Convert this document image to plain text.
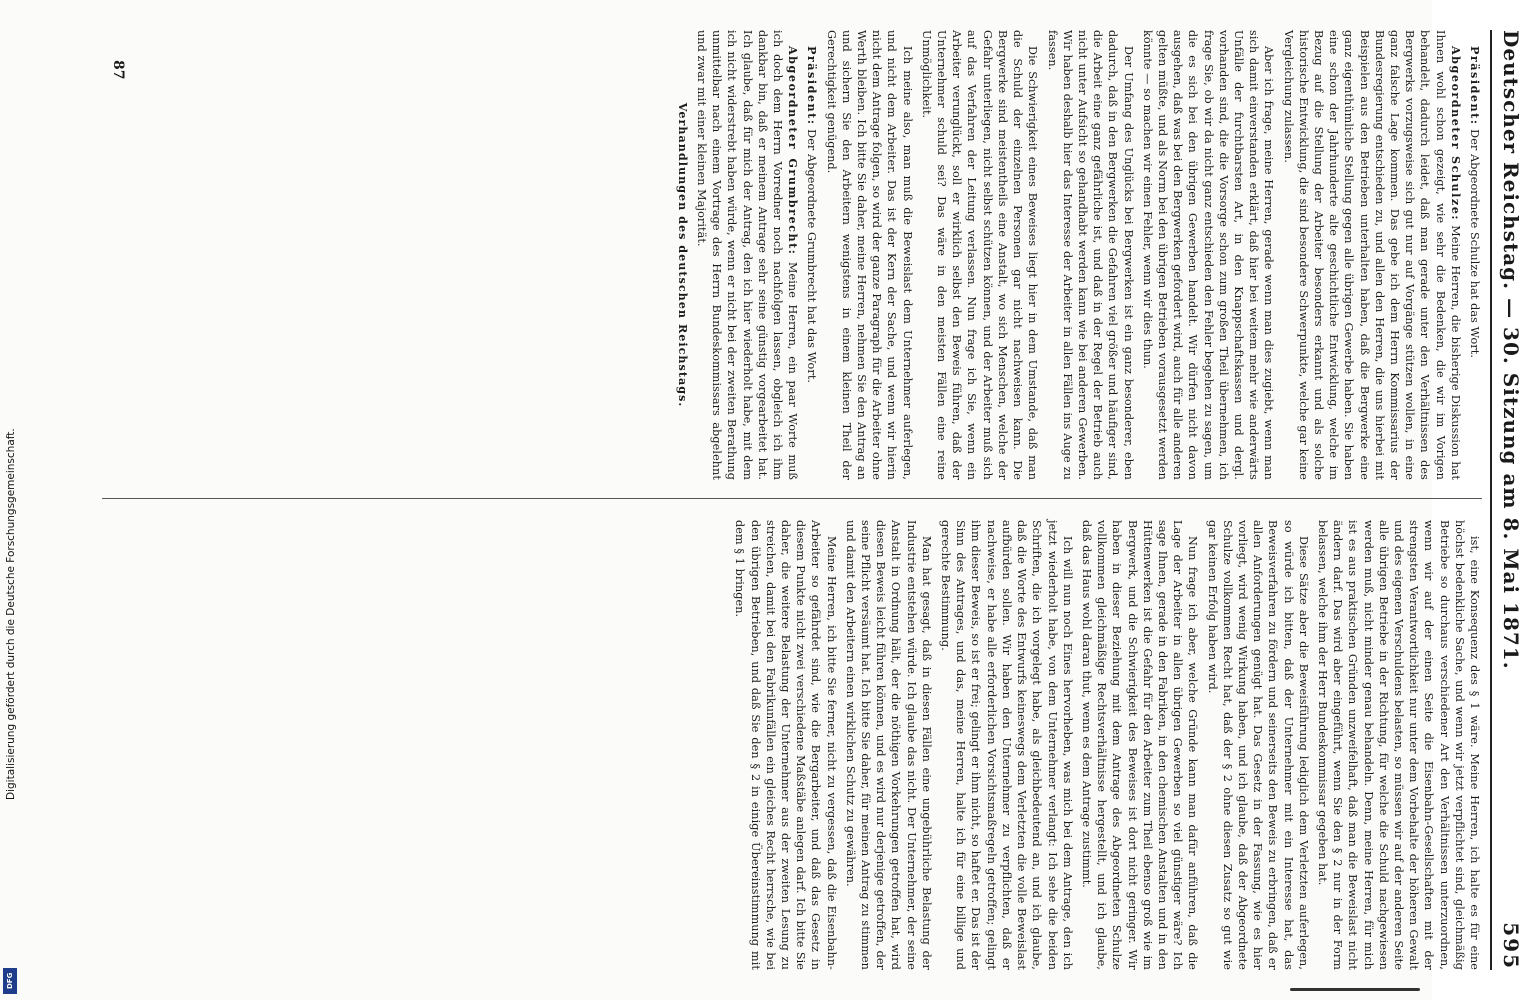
Deutscher Reichstag. — 30. Sitzung am 8. Mai 1871.
595

Präsident: Der Abgeordnete Schulze hat das Wort.

Abgeordneter Schulze: Meine Herren, die bisherige Diskussion hat Ihnen wohl schon gezeigt, wie sehr die Bedenken, die wir im Vorigen behandelt, dadurch leidet, daß man gerade unter den Verhältnissen des Bergwerks vorzugsweise sich gut nur auf Vorgänge stützen wollen, in eine ganz falsche Lage kommen. Das gebe ich dem Herrn Kommissarius der Bundesregierung entschieden zu, und allen den Herren, die uns hierbei mit Beispielen aus den Betrieben unterhalten haben, daß die Bergwerke eine ganz eigenthümliche Stellung gegen alle übrigen Gewerbe haben. Sie haben eine schon der Jahrhunderte alte geschichtliche Entwicklung, welche im Bezug auf die Stellung der Arbeiter besonders erkannt und als solche historische Entwicklung, die sind besondere Schwerpunkte, welche gar keine Vergleichung zulassen.

Aber ich frage, meine Herren, gerade wenn man dies zugiebt, wenn man sich damit einverstanden erklärt, daß hier bei weitem mehr wie anderwärts Unfälle der furchtbarsten Art, in den Knappschaftskassen und dergl. vorhanden sind, die die Vorsorge schon zum großen Theil übernehmen, ich frage Sie, ob wir da nicht ganz entschieden den Fehler begehen zu sagen, um die es sich bei den übrigen Gewerben handelt. Wir dürfen nicht davon ausgehen, daß was bei den Bergwerken gefordert wird, auch für alle anderen gelten müßte, und als Norm bei den übrigen Betrieben vorausgesetzt werden könnte — so machen wir einen Fehler, wenn wir dies thun.

Der Umfang des Unglücks bei Bergwerken ist ein ganz besonderer, eben dadurch, daß in den Bergwerken die Gefahren viel größer und häufiger sind, die Arbeit eine ganz gefährliche ist, und daß in der Regel der Betrieb auch nicht unter Aufsicht so gehandhabt werden kann wie bei anderen Gewerben. Wir haben deshalb hier das Interesse der Arbeiter in allen Fällen ins Auge zu fassen.

Die Schwierigkeit eines Beweises liegt hier in dem Umstande, daß man die Schuld der einzelnen Personen gar nicht nachweisen kann. Die Bergwerke sind meistentheils eine Anstalt, wo sich Menschen, welche der Gefahr unterliegen, nicht selbst schützen können, und der Arbeiter muß sich auf das Verfahren der Leitung verlassen. Nun frage ich Sie, wenn ein Arbeiter verunglückt, soll er wirklich selbst den Beweis führen, daß der Unternehmer schuld sei? Das wäre in den meisten Fällen eine reine Unmöglichkeit.

Ich meine also, man muß die Beweislast dem Unternehmer auferlegen, und nicht dem Arbeiter. Das ist der Kern der Sache, und wenn wir hierin nicht dem Antrage folgen, so wird der ganze Paragraph für die Arbeiter ohne Werth bleiben. Ich bitte Sie daher, meine Herren, nehmen Sie den Antrag an und sichern Sie den Arbeitern wenigstens in einem kleinen Theil der Gerechtigkeit genügend.

Präsident: Der Abgeordnete Grumbrecht hat das Wort.

Abgeordneter Grumbrecht: Meine Herren, ein paar Worte muß ich doch dem Herrn Vorredner noch nachfolgen lassen, obgleich ich ihm dankbar bin, daß er meinem Antrage sehr seine günstig vorgearbeitet hat. Ich glaube, daß für mich der Antrag, den ich hier wiederholt habe, mit dem ich nicht widerstrebt haben würde, wenn er nicht bei der zweiten Berathung unmittelbar nach einem Vortrage des Herrn Bundeskommissars abgelehnt und zwar mit einer kleinen Majorität.

Verhandlungen des deutschen Reichstags.

ist, eine Konsequenz des § 1 wäre. Meine Herren, ich halte es für eine höchst bedenkliche Sache, und wenn wir jetzt verpflichtet sind, gleichmäßig Betriebe so durchaus verschiedener Art den Verhältnissen unterzuordnen, wenn wir auf der einen Seite die Eisenbahn-Gesellschaften mit der strengsten Verantwortlichkeit nur unter dem Vorbehalte der höheren Gewalt und des eigenen Verschuldens belasten, so müssen wir auf der anderen Seite alle übrigen Betriebe in der Richtung, für welche die Schuld nachgewiesen werden muß, nicht minder genau behandeln. Denn, meine Herren, für mich ist es aus praktischen Gründen unzweifelhaft, daß man die Beweislast nicht ändern darf. Das wird aber eingeführt, wenn Sie den § 2 nur in der Form belassen, welche ihm der Herr Bundeskommissar gegeben hat.

Diese Sätze aber die Beweisführung lediglich dem Verletzten auferlegen, so würde ich bitten, daß der Unternehmer mit ein Interesse hat, das Beweisverfahren zu fördern und seinerseits den Beweis zu erbringen, daß er allen Anforderungen genügt hat. Das Gesetz in der Fassung, wie es hier vorliegt, wird wenig Wirkung haben, und ich glaube, daß der Abgeordnete Schulze vollkommen Recht hat, daß der § 2 ohne diesen Zusatz so gut wie gar keinen Erfolg haben wird.

Nun frage ich aber, welche Gründe kann man dafür anführen, daß die Lage der Arbeiter in allen übrigen Gewerben so viel günstiger wäre? Ich sage Ihnen, gerade in den Fabriken, in den chemischen Anstalten und in den Hüttenwerken ist die Gefahr für den Arbeiter zum Theil ebenso groß wie im Bergwerk, und die Schwierigkeit des Beweises ist dort nicht geringer. Wir haben in dieser Beziehung mit dem Antrage des Abgeordneten Schulze vollkommen gleichmäßige Rechtsverhältnisse hergestellt, und ich glaube, daß das Haus wohl daran thut, wenn es dem Antrage zustimmt.

Ich will nun noch Eines hervorheben, was mich bei dem Antrage, den ich jetzt wiederholt habe, von dem Unternehmer verlangt: Ich sehe die beiden Schriften, die ich vorgelegt habe, als gleichbedeutend an, und ich glaube, daß die Worte des Entwurfs keineswegs dem Verletzten die volle Beweislast aufbürden sollen. Wir haben den Unternehmer zu verpflichten, daß er nachweise, er habe alle erforderlichen Vorsichtsmaßregeln getroffen; gelingt ihm dieser Beweis, so ist er frei; gelingt er ihm nicht, so haftet er. Das ist der Sinn des Antrages, und das, meine Herren, halte ich für eine billige und gerechte Bestimmung.

Man hat gesagt, daß in diesen Fällen eine ungebührliche Belastung der Industrie entstehen würde. Ich glaube das nicht. Der Unternehmer, der seine Anstalt in Ordnung hält, der die nöthigen Vorkehrungen getroffen hat, wird diesen Beweis leicht führen können, und es wird nur derjenige getroffen, der seine Pflicht versäumt hat. Ich bitte Sie daher, für meinen Antrag zu stimmen und damit den Arbeitern einen wirklichen Schutz zu gewähren.

Meine Herren, ich bitte Sie ferner, nicht zu vergessen, daß die Eisenbahn-Arbeiter so gefährdet sind, wie die Bergarbeiter, und daß das Gesetz in diesem Punkte nicht zwei verschiedene Maßstäbe anlegen darf. Ich bitte Sie daher, die weitere Belastung der Unternehmer aus der zweiten Lesung zu streichen, damit bei den Fabrikunfällen ein gleiches Recht herrsche, wie bei den übrigen Betrieben, und daß Sie den § 2 in einige Übereinstimmung mit dem § 1 bringen.

87
Digitalisierung gefördert durch die Deutsche Forschungsgemeinschaft.
DFG
